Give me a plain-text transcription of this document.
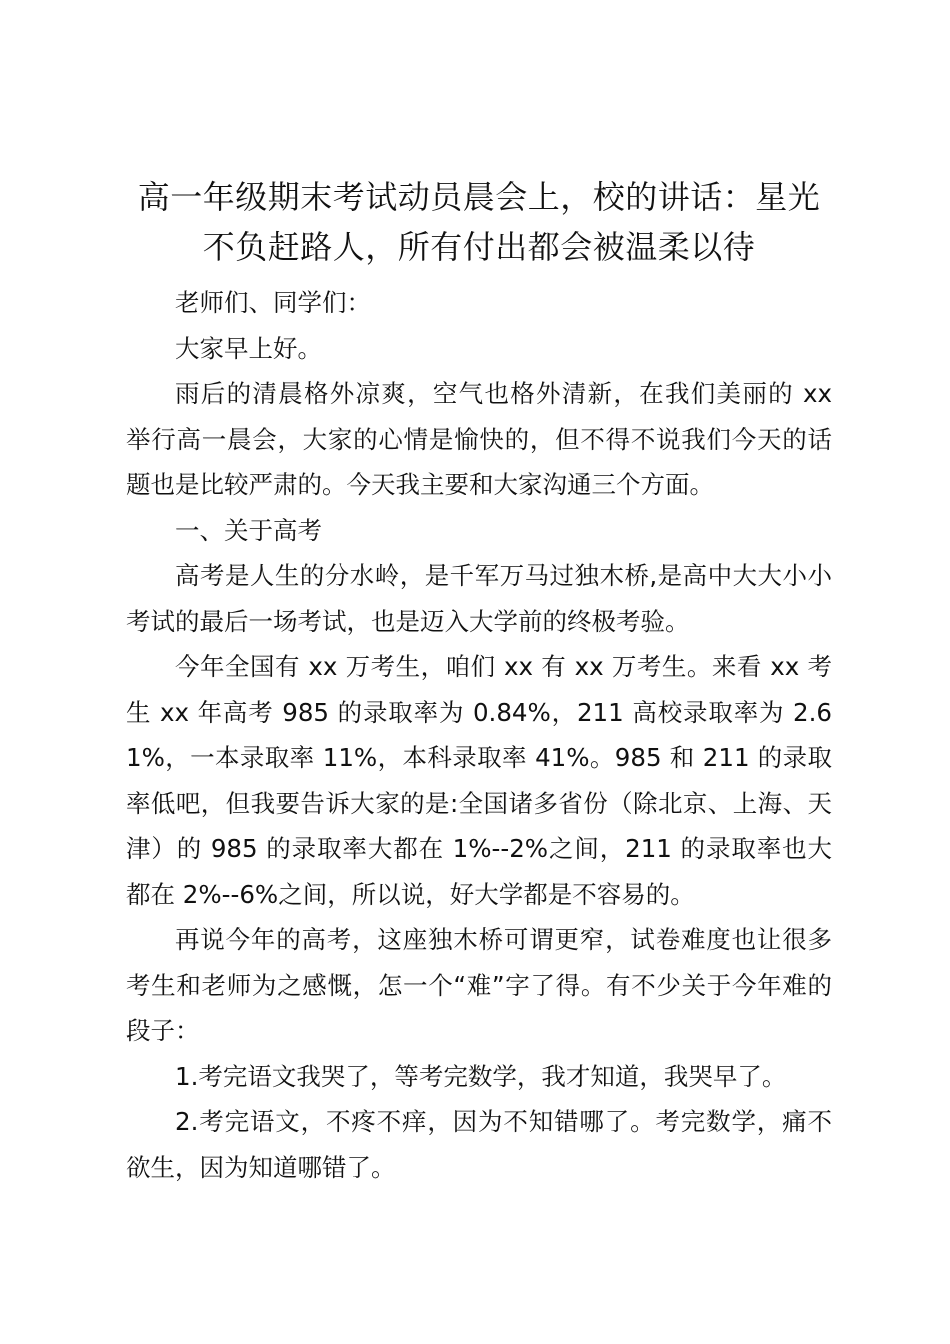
高一年级期末考试动员晨会上，校的讲话：星光不负赶路人，所有付出都会被温柔以待

老师们、同学们：

大家早上好。

雨后的清晨格外凉爽，空气也格外清新，在我们美丽的 xx 举行高一晨会，大家的心情是愉快的，但不得不说我们今天的话题也是比较严肃的。今天我主要和大家沟通三个方面。

一、关于高考

高考是人生的分水岭，是千军万马过独木桥,是高中大大小小考试的最后一场考试，也是迈入大学前的终极考验。

今年全国有 xx 万考生，咱们 xx 有 xx 万考生。来看 xx 考生 xx 年高考 985 的录取率为 0.84%，211 高校录取率为 2.61%，一本录取率 11%，本科录取率 41%。985 和 211 的录取率低吧，但我要告诉大家的是:全国诸多省份（除北京、上海、天津）的 985 的录取率大都在 1%--2%之间，211 的录取率也大都在 2%--6%之间，所以说，好大学都是不容易的。

再说今年的高考，这座独木桥可谓更窄，试卷难度也让很多考生和老师为之感慨，怎一个“难”字了得。有不少关于今年难的段子：

1.考完语文我哭了，等考完数学，我才知道，我哭早了。

2.考完语文，不疼不痒，因为不知错哪了。考完数学，痛不欲生，因为知道哪错了。
